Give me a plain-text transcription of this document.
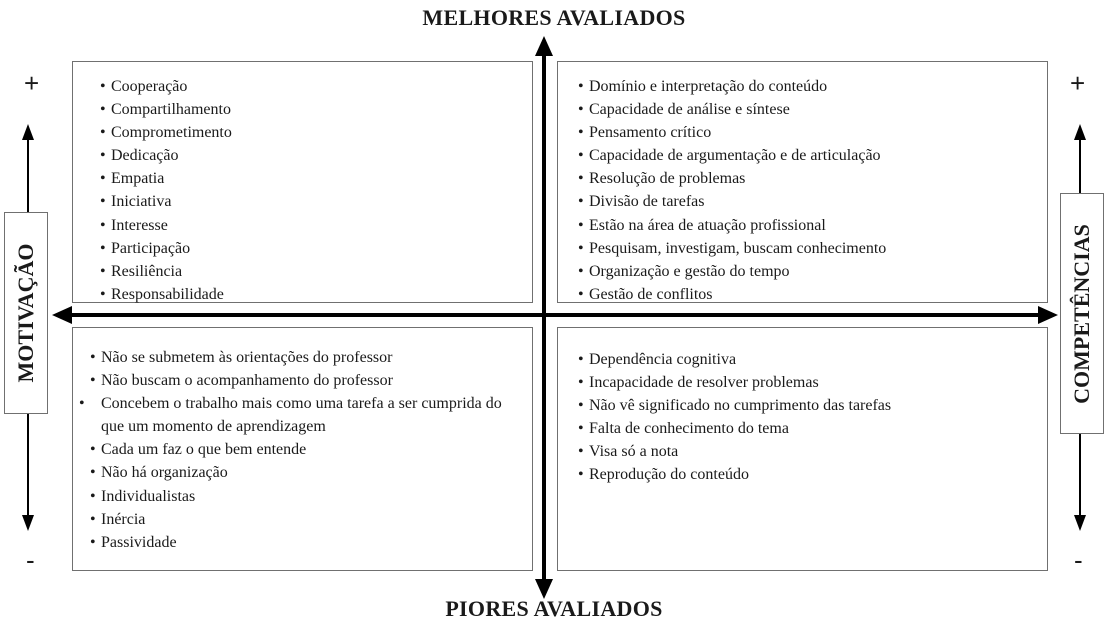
MELHORES AVALIADOS
PIORES AVALIADOS
+	+
-	-
MOTIVAÇÃO	COMPETÊNCIAS
• Cooperação
• Compartilhamento
• Comprometimento
• Dedicação
• Empatia
• Iniciativa
• Interesse
• Participação
• Resiliência
• Responsabilidade
• Domínio e interpretação do conteúdo
• Capacidade de análise e síntese
• Pensamento crítico
• Capacidade de argumentação e de articulação
• Resolução de problemas
• Divisão de tarefas
• Estão na área de atuação profissional
• Pesquisam, investigam, buscam conhecimento
• Organização e gestão do tempo
• Gestão de conflitos
• Não se submetem às orientações do professor
• Não buscam o acompanhamento do professor
• Concebem o trabalho mais como uma tarefa a ser cumprida do que um momento de aprendizagem
• Cada um faz o que bem entende
• Não há organização
• Individualistas
• Inércia
• Passividade
• Dependência cognitiva
• Incapacidade de resolver problemas
• Não vê significado no cumprimento das tarefas
• Falta de conhecimento do tema
• Visa só a nota
• Reprodução do conteúdo
